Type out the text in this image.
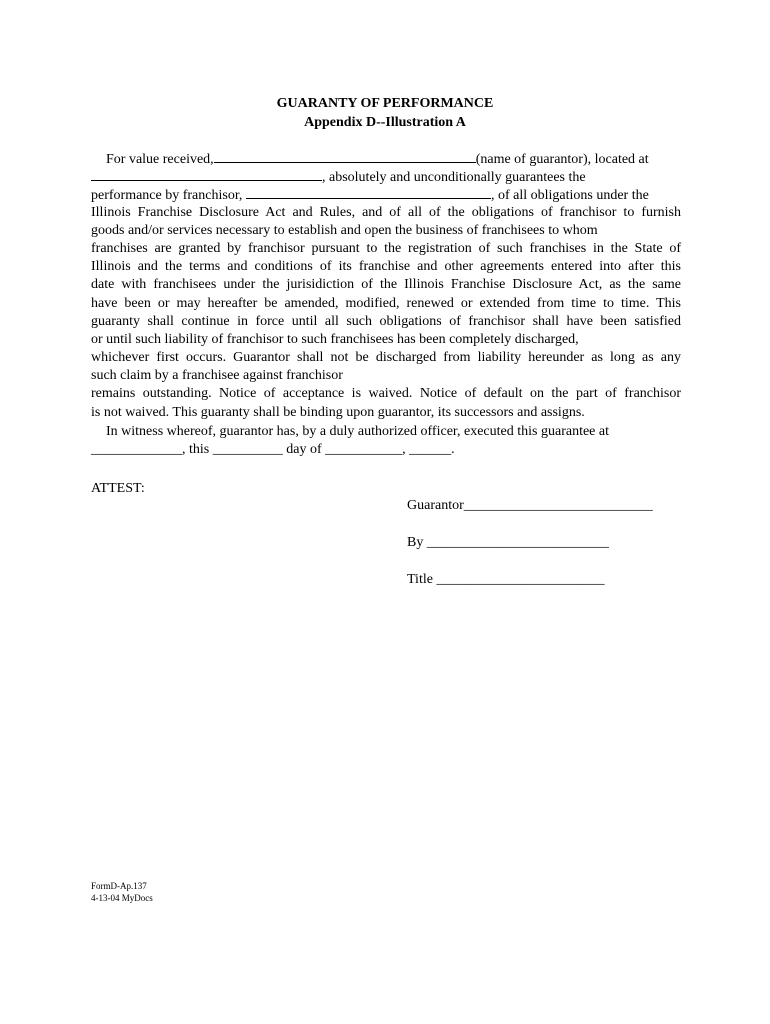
GUARANTY OF PERFORMANCE
Appendix D--Illustration A
For value received,	(name of guarantor), located at
, absolutely and unconditionally guarantees the
performance by franchisor,	, of all obligations under the
Illinois Franchise Disclosure Act and Rules, and of all of the obligations of franchisor to furnish
goods and/or services necessary to establish and open the business of franchisees to whom
franchises are granted by franchisor pursuant to the registration of such franchises in the State of
Illinois and the terms and conditions of its franchise and other agreements entered into after this
date with franchisees under the jurisidiction of the Illinois Franchise Disclosure Act, as the same
have been or may hereafter be amended, modified, renewed or extended from time to time. This
guaranty shall continue in force until all such obligations of franchisor shall have been satisfied
or until such liability of franchisor to such franchisees has been completely discharged,
whichever first occurs. Guarantor shall not be discharged from liability hereunder as long as any
such claim by a franchisee against franchisor
remains outstanding. Notice of acceptance is waived. Notice of default on the part of franchisor
is not waived. This guaranty shall be binding upon guarantor, its successors and assigns.
In witness whereof, guarantor has, by a duly authorized officer, executed this guarantee at
_____________, this __________ day of ___________, ______.
ATTEST:
Guarantor___________________________
By __________________________
Title ________________________
FormD-Ap.137
4-13-04 MyDocs
